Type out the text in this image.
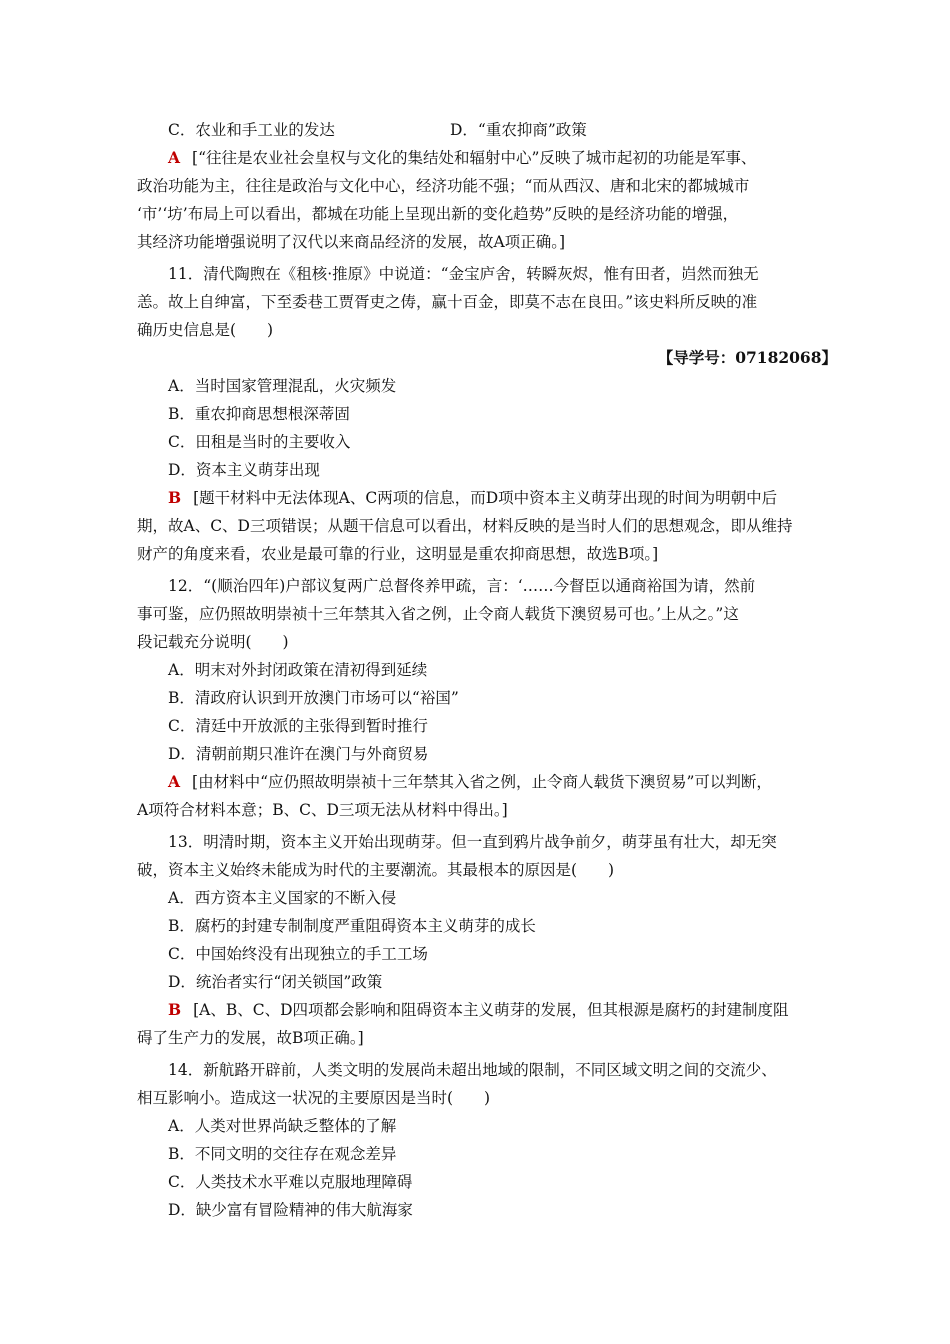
C．农业和手工业的发达	D．“重农抑商”政策
A [“往往是农业社会皇权与文化的集结处和辐射中心”反映了城市起初的功能是军事、
政治功能为主，往往是政治与文化中心，经济功能不强；“而从西汉、唐和北宋的都城城市
‘市’‘坊’布局上可以看出，都城在功能上呈现出新的变化趋势”反映的是经济功能的增强，
其经济功能增强说明了汉代以来商品经济的发展，故A项正确。]
11．清代陶煦在《租核·推原》中说道：“金宝庐舍，转瞬灰烬，惟有田者，岿然而独无
恙。故上自绅富，下至委巷工贾胥吏之俦，赢十百金，即莫不志在良田。”该史料所反映的准
确历史信息是(　　)
【导学号：07182068】
A．当时国家管理混乱，火灾频发
B．重农抑商思想根深蒂固
C．田租是当时的主要收入
D．资本主义萌芽出现
B [题干材料中无法体现A、C两项的信息，而D项中资本主义萌芽出现的时间为明朝中后
期，故A、C、D三项错误；从题干信息可以看出，材料反映的是当时人们的思想观念，即从维持
财产的角度来看，农业是最可靠的行业，这明显是重农抑商思想，故选B项。]
12．“(顺治四年)户部议复两广总督佟养甲疏，言：‘……今督臣以通商裕国为请，然前
事可鉴，应仍照故明崇祯十三年禁其入省之例，止令商人载货下澳贸易可也。’上从之。”这
段记载充分说明(　　)
A．明末对外封闭政策在清初得到延续
B．清政府认识到开放澳门市场可以“裕国”
C．清廷中开放派的主张得到暂时推行
D．清朝前期只准许在澳门与外商贸易
A [由材料中“应仍照故明崇祯十三年禁其入省之例，止令商人载货下澳贸易”可以判断，
A项符合材料本意；B、C、D三项无法从材料中得出。]
13．明清时期，资本主义开始出现萌芽。但一直到鸦片战争前夕，萌芽虽有壮大，却无突
破，资本主义始终未能成为时代的主要潮流。其最根本的原因是(　　)
A．西方资本主义国家的不断入侵
B．腐朽的封建专制制度严重阻碍资本主义萌芽的成长
C．中国始终没有出现独立的手工工场
D．统治者实行“闭关锁国”政策
B [A、B、C、D四项都会影响和阻碍资本主义萌芽的发展，但其根源是腐朽的封建制度阻
碍了生产力的发展，故B项正确。]
14．新航路开辟前，人类文明的发展尚未超出地域的限制，不同区域文明之间的交流少、
相互影响小。造成这一状况的主要原因是当时(　　)
A．人类对世界尚缺乏整体的了解
B．不同文明的交往存在观念差异
C．人类技术水平难以克服地理障碍
D．缺少富有冒险精神的伟大航海家
